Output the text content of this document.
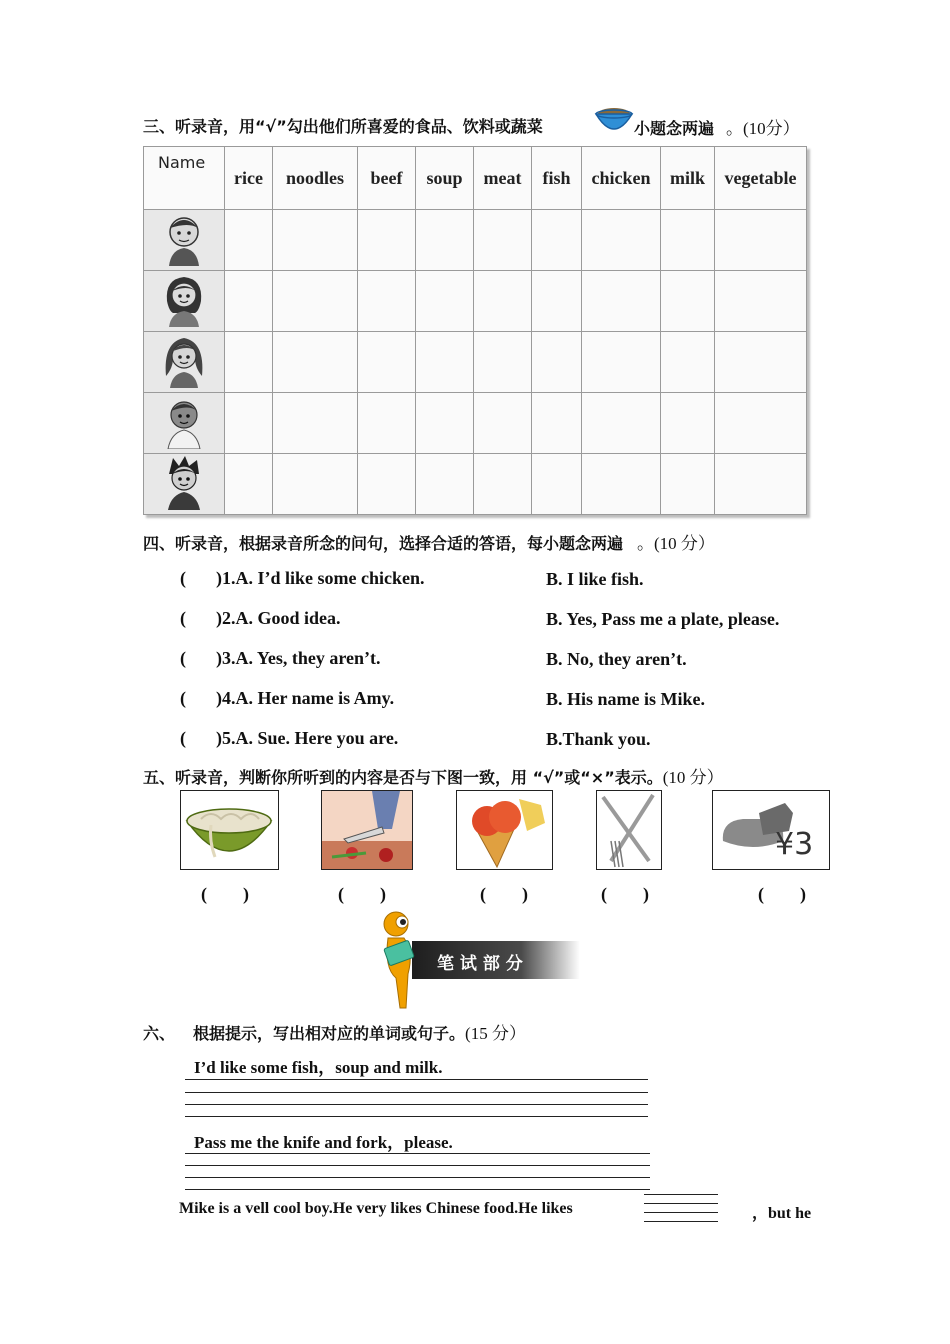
三、听录音，用“√”勾出他们所喜爱的食品、饮料或蔬菜	小题念两遍 。(10分）
Name	rice	noodles	beef	soup	meat	fish	chicken	milk	vegetable

四、听录音，根据录音所念的问句，选择合适的答语，每小题念两遍 。(10 分）
( )1.A. I’d like some chicken.	B. I like fish.
( )2.A. Good idea.	B. Yes, Pass me a plate, please.
( )3.A. Yes, they aren’t.	B. No, they aren’t.
( )4.A. Her name is Amy.	B. His name is Mike.
( )5.A. Sue. Here you are.	B.Thank you.
五、听录音，判断你所听到的内容是否与下图一致，用 “√”或“×”表示。(10 分）
¥3
(　　)	(　　)	(　　)	(　　)	(　　)
笔 试 部 分
六、 根据提示，写出相对应的单词或句子。(15 分）
I’d like some fish，soup and milk.
Pass me the knife and fork，please.
Mike is a vell cool boy.He very likes Chinese food.He likes	，but he
